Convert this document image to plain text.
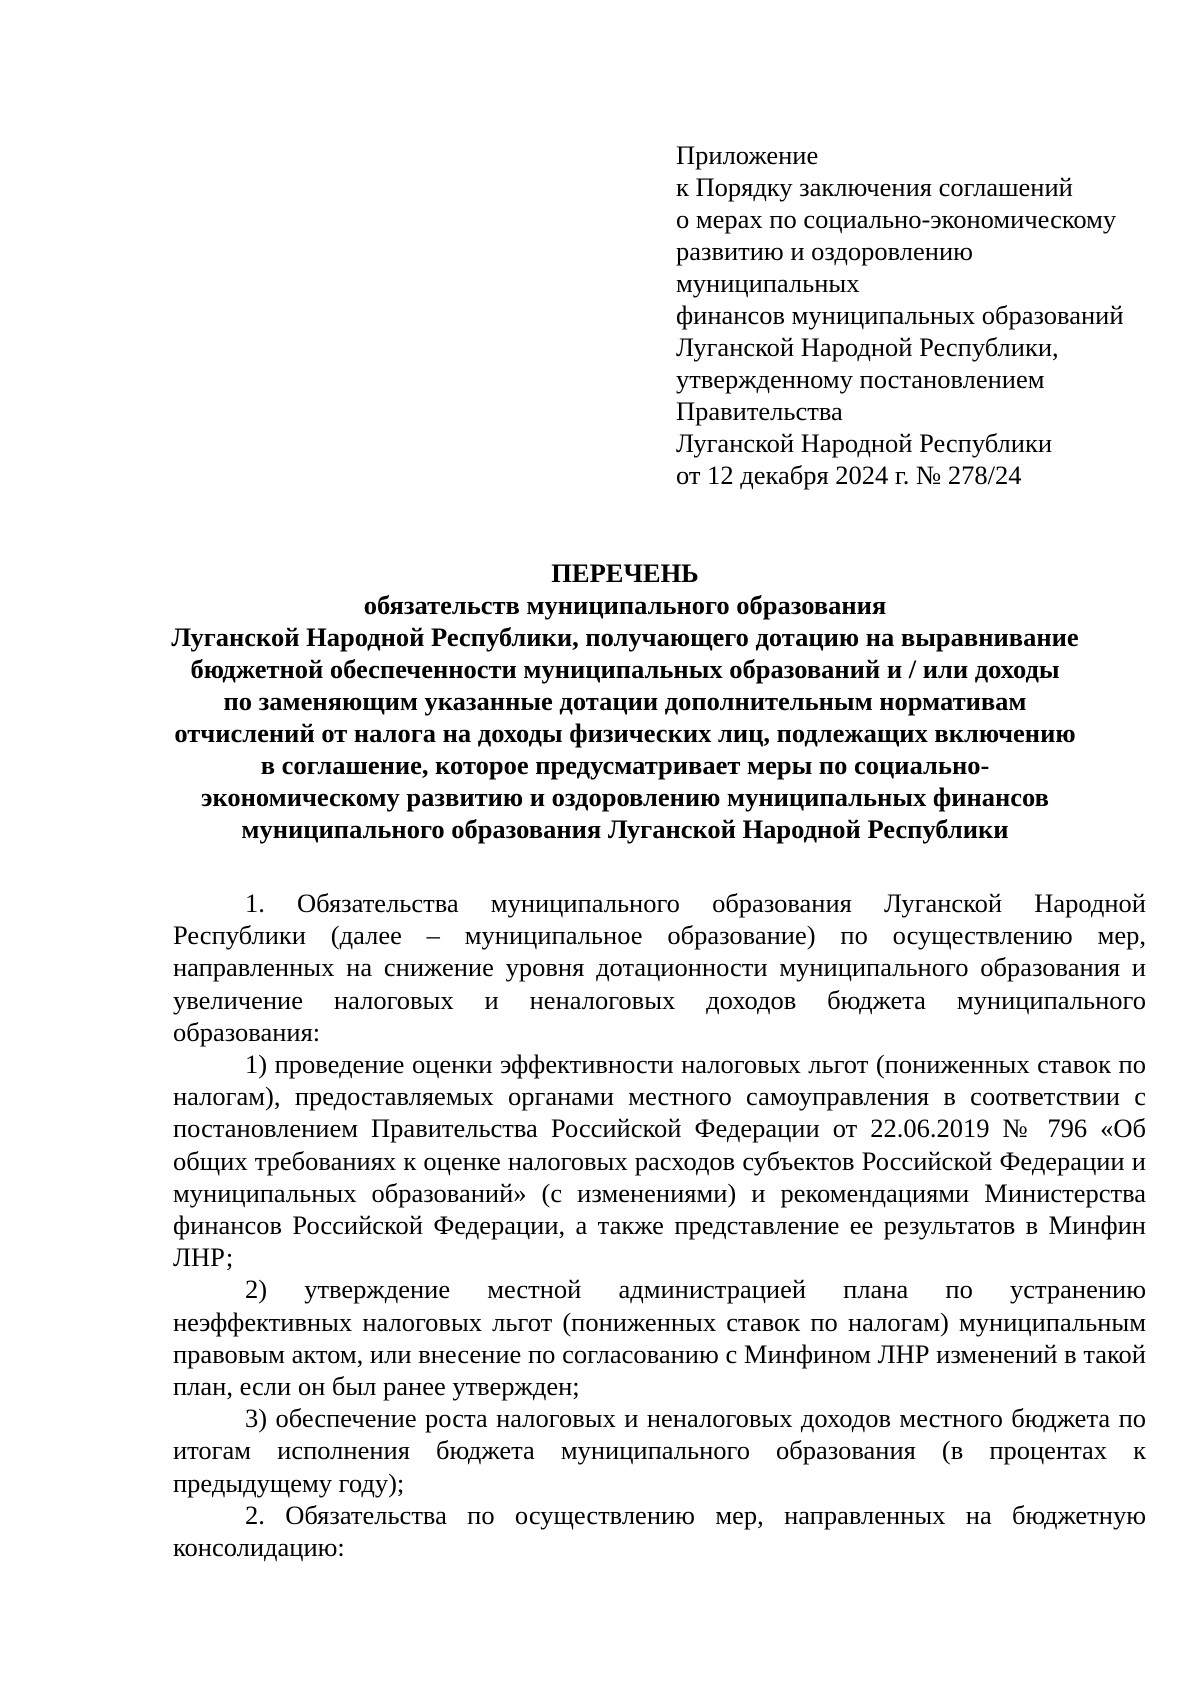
Приложение
к Порядку заключения соглашений
о мерах по социально-экономическому
развитию и оздоровлению
муниципальных
финансов муниципальных образований
Луганской Народной Республики,
утвержденному постановлением
Правительства
Луганской Народной Республики
от 12 декабря 2024 г. № 278/24
ПЕРЕЧЕНЬ
обязательств муниципального образования
Луганской Народной Республики, получающего дотацию на выравнивание
бюджетной обеспеченности муниципальных образований и / или доходы
по заменяющим указанные дотации дополнительным нормативам
отчислений от налога на доходы физических лиц, подлежащих включению
в соглашение, которое предусматривает меры по социально-
экономическому развитию и оздоровлению муниципальных финансов
муниципального образования Луганской Народной Республики

1. Обязательства муниципального образования Луганской Народной Республики (далее – муниципальное образование) по осуществлению мер, направленных на снижение уровня дотационности муниципального образования и увеличение налоговых и неналоговых доходов бюджета муниципального образования:

1) проведение оценки эффективности налоговых льгот (пониженных ставок по налогам), предоставляемых органами местного самоуправления в соответствии с постановлением Правительства Российской Федерации от 22.06.2019 № 796 «Об общих требованиях к оценке налоговых расходов субъектов Российской Федерации и муниципальных образований» (с изменениями) и рекомендациями Министерства финансов Российской Федерации, а также представление ее результатов в Минфин ЛНР;

2) утверждение местной администрацией плана по устранению неэффективных налоговых льгот (пониженных ставок по налогам) муниципальным правовым актом, или внесение по согласованию с Минфином ЛНР изменений в такой план, если он был ранее утвержден;

3) обеспечение роста налоговых и неналоговых доходов местного бюджета по итогам исполнения бюджета муниципального образования (в процентах к предыдущему году);

2. Обязательства по осуществлению мер, направленных на бюджетную консолидацию:
